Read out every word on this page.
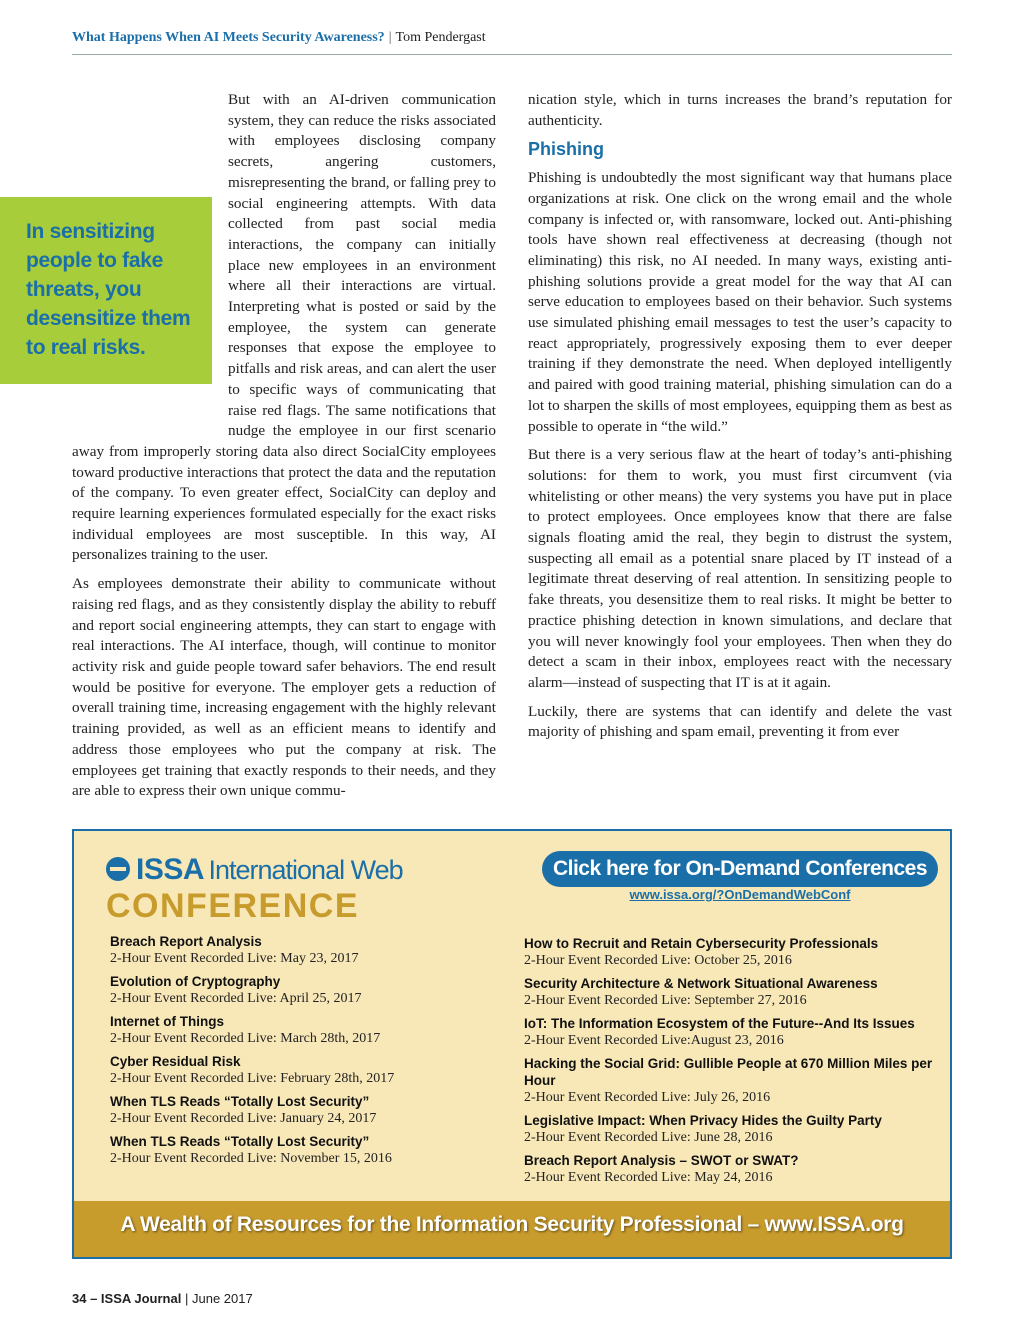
What Happens When AI Meets Security Awareness? | Tom Pendergast

But with an AI-driven communication system, they can reduce the risks associated with employees disclosing company secrets, angering customers, misrepresenting the brand, or falling prey to social engineering attempts. With data collected from past social media interactions, the company can initially place new employees in an environment where all their interactions are virtual. Interpreting what is posted or said by the employee, the system can generate responses that expose the employee to pitfalls and risk areas, and can alert the user to specific ways of communicating that raise red flags. The same notifications that nudge the employee in our first scenario away from improperly storing data also direct SocialCity employees toward productive interactions that protect the data and the reputation of the company. To even greater effect, SocialCity can deploy and require learning experiences formulated especially for the exact risks individual employees are most susceptible. In this way, AI personalizes training to the user.

As employees demonstrate their ability to communicate without raising red flags, and as they consistently display the ability to rebuff and report social engineering attempts, they can start to engage with real interactions. The AI interface, though, will continue to monitor activity risk and guide people toward safer behaviors. The end result would be positive for everyone. The employer gets a reduction of overall training time, increasing engagement with the highly relevant training provided, as well as an efficient means to identify and address those employees who put the company at risk. The employees get training that exactly responds to their needs, and they are able to express their own unique commu-

In sensitizing people to fake threats, you desensitize them to real risks.

nication style, which in turns increases the brand’s reputation for authenticity.

Phishing

Phishing is undoubtedly the most significant way that humans place organizations at risk. One click on the wrong email and the whole company is infected or, with ransomware, locked out. Anti-phishing tools have shown real effectiveness at decreasing (though not eliminating) this risk, no AI needed. In many ways, existing anti-phishing solutions provide a great model for the way that AI can serve education to employees based on their behavior. Such systems use simulated phishing email messages to test the user’s capacity to react appropriately, progressively exposing them to ever deeper training if they demonstrate the need. When deployed intelligently and paired with good training material, phishing simulation can do a lot to sharpen the skills of most employees, equipping them as best as possible to operate in “the wild.”

But there is a very serious flaw at the heart of today’s anti-phishing solutions: for them to work, you must first circumvent (via whitelisting or other means) the very systems you have put in place to protect employees. Once employees know that there are false signals floating amid the real, they begin to distrust the system, suspecting all email as a potential snare placed by IT instead of a legitimate threat deserving of real attention. In sensitizing people to fake threats, you desensitize them to real risks. It might be better to practice phishing detection in known simulations, and declare that you will never knowingly fool your employees. Then when they do detect a scam in their inbox, employees react with the necessary alarm—instead of suspecting that IT is at it again.

Luckily, there are systems that can identify and delete the vast majority of phishing and spam email, preventing it from ever

ISSA International Web
CONFERENCE
Click here for On-Demand Conferences
www.issa.org/?OnDemandWebConf
Breach Report Analysis
2-Hour Event Recorded Live: May 23, 2017
Evolution of Cryptography
2-Hour Event Recorded Live: April 25, 2017
Internet of Things
2-Hour Event Recorded Live: March 28th, 2017
Cyber Residual Risk
2-Hour Event Recorded Live: February 28th, 2017
When TLS Reads “Totally Lost Security”
2-Hour Event Recorded Live: January 24, 2017
When TLS Reads “Totally Lost Security”
2-Hour Event Recorded Live: November 15, 2016
How to Recruit and Retain Cybersecurity Professionals
2-Hour Event Recorded Live: October 25, 2016
Security Architecture & Network Situational Awareness
2-Hour Event Recorded Live: September 27, 2016
IoT: The Information Ecosystem of the Future--And Its Issues
2-Hour Event Recorded Live:August 23, 2016
Hacking the Social Grid: Gullible People at 670 Million Miles per Hour
2-Hour Event Recorded Live: July 26, 2016
Legislative Impact: When Privacy Hides the Guilty Party
2-Hour Event Recorded Live: June 28, 2016
Breach Report Analysis – SWOT or SWAT?
2-Hour Event Recorded Live: May 24, 2016
A Wealth of Resources for the Information Security Professional – www.ISSA.org
34 – ISSA Journal | June 2017
